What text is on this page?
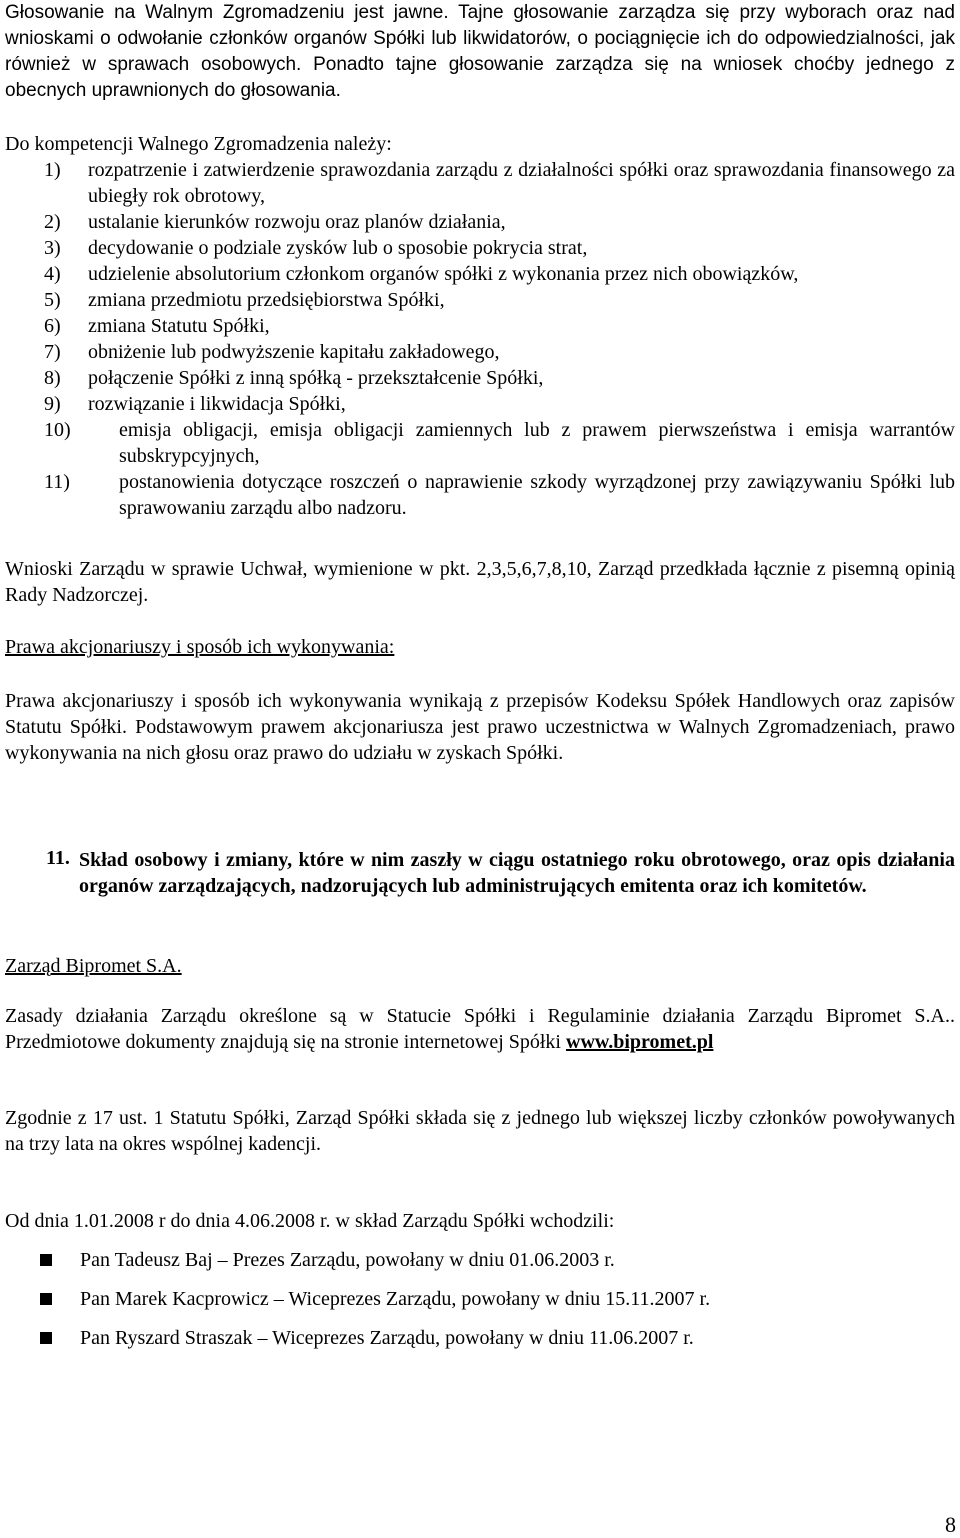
Głosowanie na Walnym Zgromadzeniu jest jawne. Tajne głosowanie zarządza się przy wyborach oraz nad wnioskami o odwołanie członków organów Spółki lub likwidatorów, o pociągnięcie ich do odpowiedzialności, jak również w sprawach osobowych. Ponadto tajne głosowanie zarządza się na wniosek choćby jednego z obecnych uprawnionych do głosowania.

Do kompetencji Walnego Zgromadzenia należy:

1)	rozpatrzenie i zatwierdzenie sprawozdania zarządu z działalności spółki oraz sprawozdania finansowego za ubiegły rok obrotowy,
2)	ustalanie kierunków rozwoju oraz planów działania,
3)	decydowanie o podziale zysków lub o sposobie pokrycia strat,
4)	udzielenie absolutorium członkom organów spółki z wykonania przez nich obowiązków,
5)	zmiana przedmiotu przedsiębiorstwa Spółki,
6)	zmiana Statutu Spółki,
7)	obniżenie lub podwyższenie kapitału zakładowego,
8)	połączenie Spółki z inną spółką - przekształcenie Spółki,
9)	rozwiązanie i likwidacja Spółki,
10)	emisja obligacji, emisja obligacji zamiennych lub z prawem pierwszeństwa i emisja warrantów subskrypcyjnych,
11)	postanowienia dotyczące roszczeń o naprawienie szkody wyrządzonej przy zawiązywaniu Spółki lub sprawowaniu zarządu albo nadzoru.

Wnioski Zarządu w sprawie Uchwał, wymienione w pkt. 2,3,5,6,7,8,10, Zarząd przedkłada łącznie z pisemną opinią Rady Nadzorczej.

Prawa akcjonariuszy i sposób ich wykonywania:

Prawa akcjonariuszy i sposób ich wykonywania wynikają z przepisów Kodeksu Spółek Handlowych oraz zapisów Statutu Spółki. Podstawowym prawem akcjonariusza jest prawo uczestnictwa w Walnych Zgromadzeniach, prawo wykonywania na nich głosu oraz prawo do udziału w zyskach Spółki.

11. Skład osobowy i zmiany, które w nim zaszły w ciągu ostatniego roku obrotowego, oraz opis działania organów zarządzających, nadzorujących lub administrujących emitenta oraz ich komitetów.

Zarząd Bipromet S.A.

Zasady działania Zarządu określone są w Statucie Spółki i Regulaminie działania Zarządu Bipromet S.A.. Przedmiotowe dokumenty znajdują się na stronie internetowej Spółki www.bipromet.pl

Zgodnie z 17 ust. 1 Statutu Spółki, Zarząd Spółki składa się z jednego lub większej liczby członków powoływanych na trzy lata na okres wspólnej kadencji.

Od dnia 1.01.2008 r do dnia 4.06.2008 r. w skład Zarządu Spółki wchodzili:

Pan Tadeusz Baj – Prezes Zarządu, powołany w dniu 01.06.2003 r.
Pan Marek Kacprowicz – Wiceprezes Zarządu, powołany w dniu 15.11.2007 r.
Pan Ryszard Straszak – Wiceprezes Zarządu, powołany w dniu 11.06.2007 r.
8
